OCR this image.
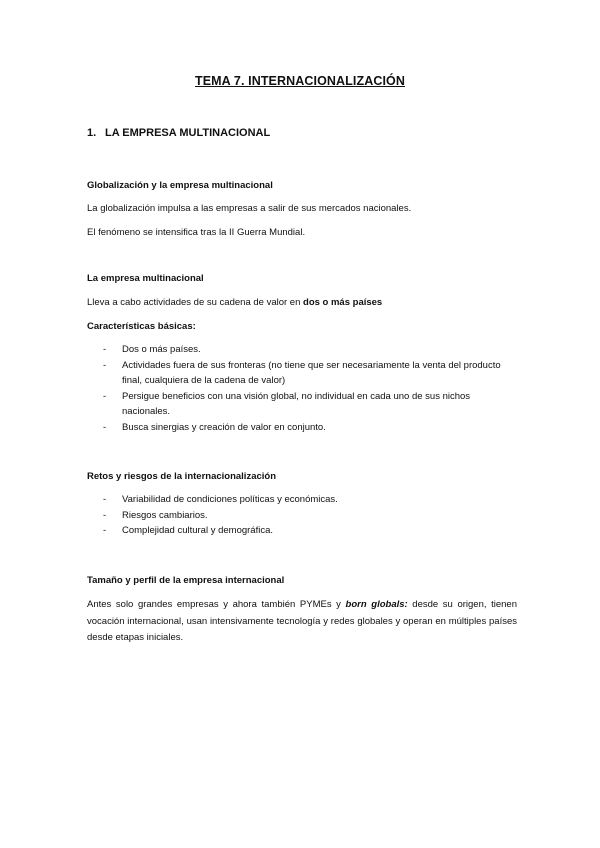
TEMA 7. INTERNACIONALIZACIÓN
1. LA EMPRESA MULTINACIONAL
Globalización y la empresa multinacional
La globalización impulsa a las empresas a salir de sus mercados nacionales.
El fenómeno se intensifica tras la II Guerra Mundial.
La empresa multinacional
Lleva a cabo actividades de su cadena de valor en dos o más países
Características básicas:
- Dos o más países.
- Actividades fuera de sus fronteras (no tiene que ser necesariamente la venta del producto final, cualquiera de la cadena de valor)
- Persigue beneficios con una visión global, no individual en cada uno de sus nichos nacionales.
- Busca sinergias y creación de valor en conjunto.
Retos y riesgos de la internacionalización
- Variabilidad de condiciones políticas y económicas.
- Riesgos cambiarios.
- Complejidad cultural y demográfica.
Tamaño y perfil de la empresa internacional
Antes solo grandes empresas y ahora también PYMEs y born globals: desde su origen, tienen vocación internacional, usan intensivamente tecnología y redes globales y operan en múltiples países desde etapas iniciales.
